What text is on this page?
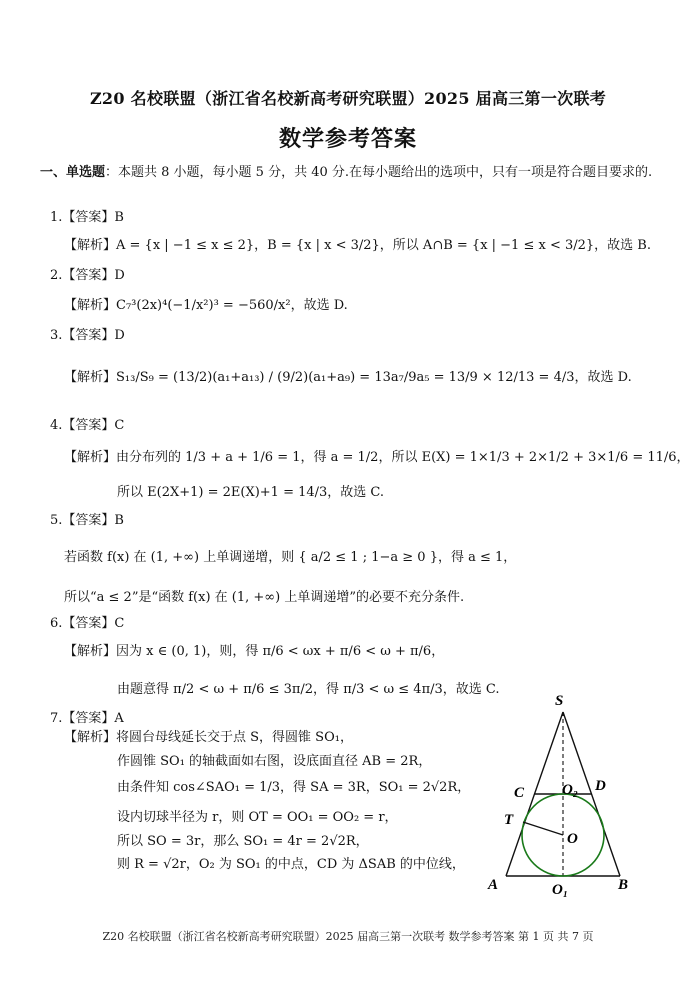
Z20 名校联盟（浙江省名校新高考研究联盟）2025 届高三第一次联考
数学参考答案
一、单选题：本题共 8 小题，每小题 5 分，共 40 分.在每小题给出的选项中，只有一项是符合题目要求的.
1.【答案】B
【解析】A = {x | −1 ≤ x ≤ 2}，B = {x | x < 3/2}，所以 A∩B = {x | −1 ≤ x < 3/2}，故选 B.
2.【答案】D
【解析】C₇³(2x)⁴(−1/x²)³ = −560/x²，故选 D.
3.【答案】D
【解析】S₁₃/S₉ = (13/2)(a₁+a₁₃) / (9/2)(a₁+a₉) = 13a₇/9a₅ = 13/9 × 12/13 = 4/3，故选 D.
4.【答案】C
【解析】由分布列的 1/3 + a + 1/6 = 1，得 a = 1/2，所以 E(X) = 1×1/3 + 2×1/2 + 3×1/6 = 11/6，
所以 E(2X+1) = 2E(X)+1 = 14/3，故选 C.
5.【答案】B
若函数 f(x) 在 (1, +∞) 上单调递增，则 { a/2 ≤ 1 ; 1−a ≥ 0 }，得 a ≤ 1，
所以“a ≤ 2”是“函数 f(x) 在 (1, +∞) 上单调递增”的必要不充分条件.
6.【答案】C
【解析】因为 x ∈ (0, 1)，则，得 π/6 < ωx + π/6 < ω + π/6，
由题意得 π/2 < ω + π/6 ≤ 3π/2，得 π/3 < ω ≤ 4π/3，故选 C.
7.【答案】A
【解析】将圆台母线延长交于点 S，得圆锥 SO₁，
作圆锥 SO₁ 的轴截面如右图，设底面直径 AB = 2R，
由条件知 cos∠SAO₁ = 1/3，得 SA = 3R，SO₁ = 2√2R，
设内切球半径为 r，则 OT = OO₁ = OO₂ = r，
所以 SO = 3r，那么 SO₁ = 4r = 2√2R，
则 R = √2r，O₂ 为 SO₁ 的中点，CD 为 ΔSAB 的中位线，
S
C	O₂ D
T
O
A	O₁	B
Z20 名校联盟（浙江省名校新高考研究联盟）2025 届高三第一次联考 数学参考答案 第 1 页 共 7 页
